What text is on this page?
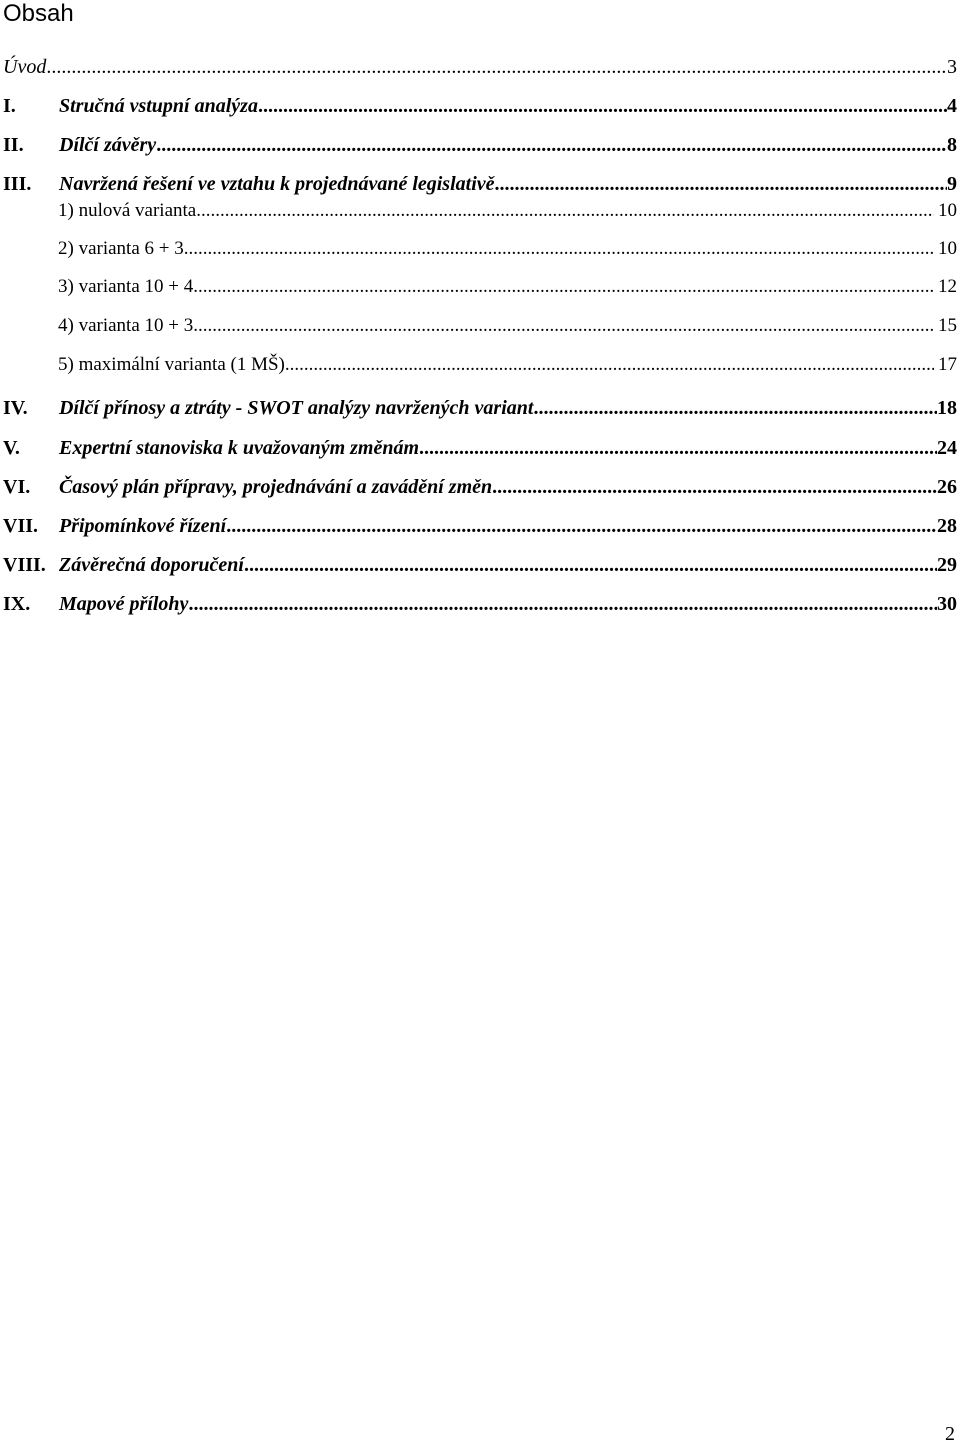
Obsah
Úvod .....	3
I.	Stručná vstupní analýza .....	4
II.	Dílčí závěry .....	8
III.	Navržená řešení ve vztahu k projednávané legislativě .....	9
1) nulová varianta .....	10
2) varianta 6 + 3 .....	10
3) varianta 10 + 4 .....	12
4) varianta 10 + 3 .....	15
5) maximální varianta (1 MŠ) .....	17
IV.	Dílčí přínosy a ztráty - SWOT analýzy navržených variant .....	18
V.	Expertní stanoviska k uvažovaným změnám .....	24
VI.	Časový plán přípravy, projednávání a zavádění změn .....	26
VII.	Připomínkové řízení .....	28
VIII. Závěrečná doporučení .....	29
IX.	Mapové přílohy .....	30
2
